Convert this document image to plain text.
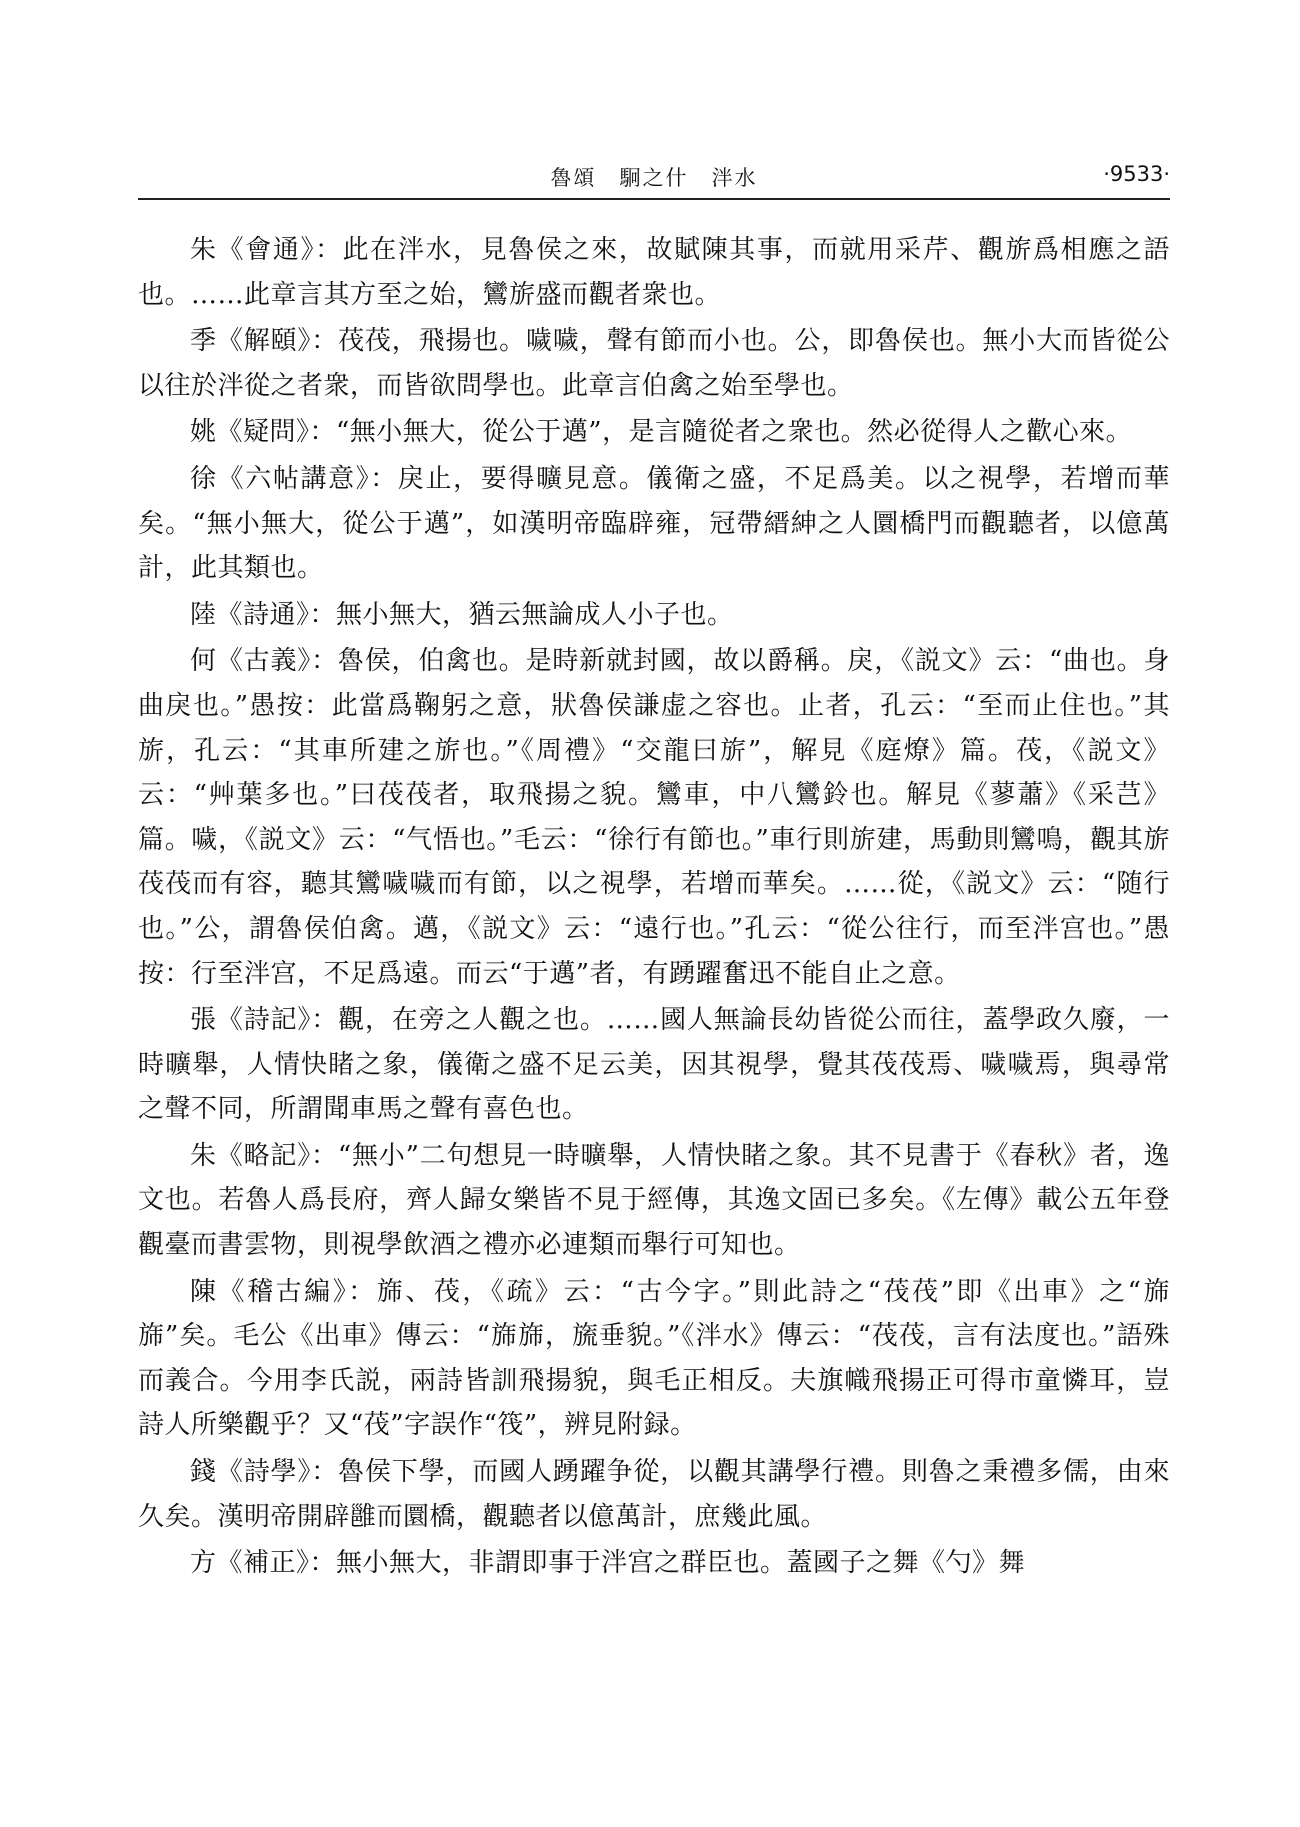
魯頌　駉之什　泮水	·9533·

朱《會通》：此在泮水，見魯侯之來，故賦陳其事，而就用采芹、觀旂爲相應之語也。……此章言其方至之始，鸞旂盛而觀者衆也。

季《解頤》：茷茷，飛揚也。噦噦，聲有節而小也。公，即魯侯也。無小大而皆從公以往於泮從之者衆，而皆欲問學也。此章言伯禽之始至學也。

姚《疑問》：“無小無大，從公于邁”，是言隨從者之衆也。然必從得人之歡心來。

徐《六帖講意》：戾止，要得曠見意。儀衛之盛，不足爲美。以之視學，若增而華矣。“無小無大，從公于邁”，如漢明帝臨辟雍，冠帶縉紳之人圜橋門而觀聽者，以億萬計，此其類也。

陸《詩通》：無小無大，猶云無論成人小子也。

何《古義》：魯侯，伯禽也。是時新就封國，故以爵稱。戾，《説文》云：“曲也。身曲戾也。”愚按：此當爲鞠躬之意，狀魯侯謙虚之容也。止者，孔云：“至而止住也。”其旂，孔云：“其車所建之旂也。”《周禮》“交龍曰旂”，解見《庭燎》篇。茷，《説文》云：“艸葉多也。”曰茷茷者，取飛揚之貌。鸞車，中八鸞鈴也。解見《蓼蕭》《采芑》篇。噦，《説文》云：“气悟也。”毛云：“徐行有節也。”車行則旂建，馬動則鸞鳴，觀其旂茷茷而有容，聽其鸞噦噦而有節，以之視學，若增而華矣。……從，《説文》云：“随行也。”公，謂魯侯伯禽。邁，《説文》云：“遠行也。”孔云：“從公往行，而至泮宫也。”愚按：行至泮宫，不足爲遠。而云“于邁”者，有踴躍奮迅不能自止之意。

張《詩記》：觀，在旁之人觀之也。……國人無論長幼皆從公而往，蓋學政久廢，一時曠舉，人情快睹之象，儀衛之盛不足云美，因其視學，覺其茷茷焉、噦噦焉，與尋常之聲不同，所謂聞車馬之聲有喜色也。

朱《略記》：“無小”二句想見一時曠舉，人情快睹之象。其不見書于《春秋》者，逸文也。若魯人爲長府，齊人歸女樂皆不見于經傳，其逸文固已多矣。《左傳》載公五年登觀臺而書雲物，則視學飲酒之禮亦必連類而舉行可知也。

陳《稽古編》：旆、茷，《疏》云：“古今字。”則此詩之“茷茷”即《出車》之“旆旆”矣。毛公《出車》傳云：“旆旆，旒垂貌。”《泮水》傳云：“茷茷，言有法度也。”語殊而義合。今用李氏説，兩詩皆訓飛揚貌，與毛正相反。夫旗幟飛揚正可得市童憐耳，豈詩人所樂觀乎？又“茷”字誤作“筏”，辨見附録。

錢《詩學》：魯侯下學，而國人踴躍争從，以觀其講學行禮。則魯之秉禮多儒，由來久矣。漢明帝開辟雝而圜橋，觀聽者以億萬計，庶幾此風。

方《補正》：無小無大，非謂即事于泮宫之群臣也。蓋國子之舞《勺》舞
